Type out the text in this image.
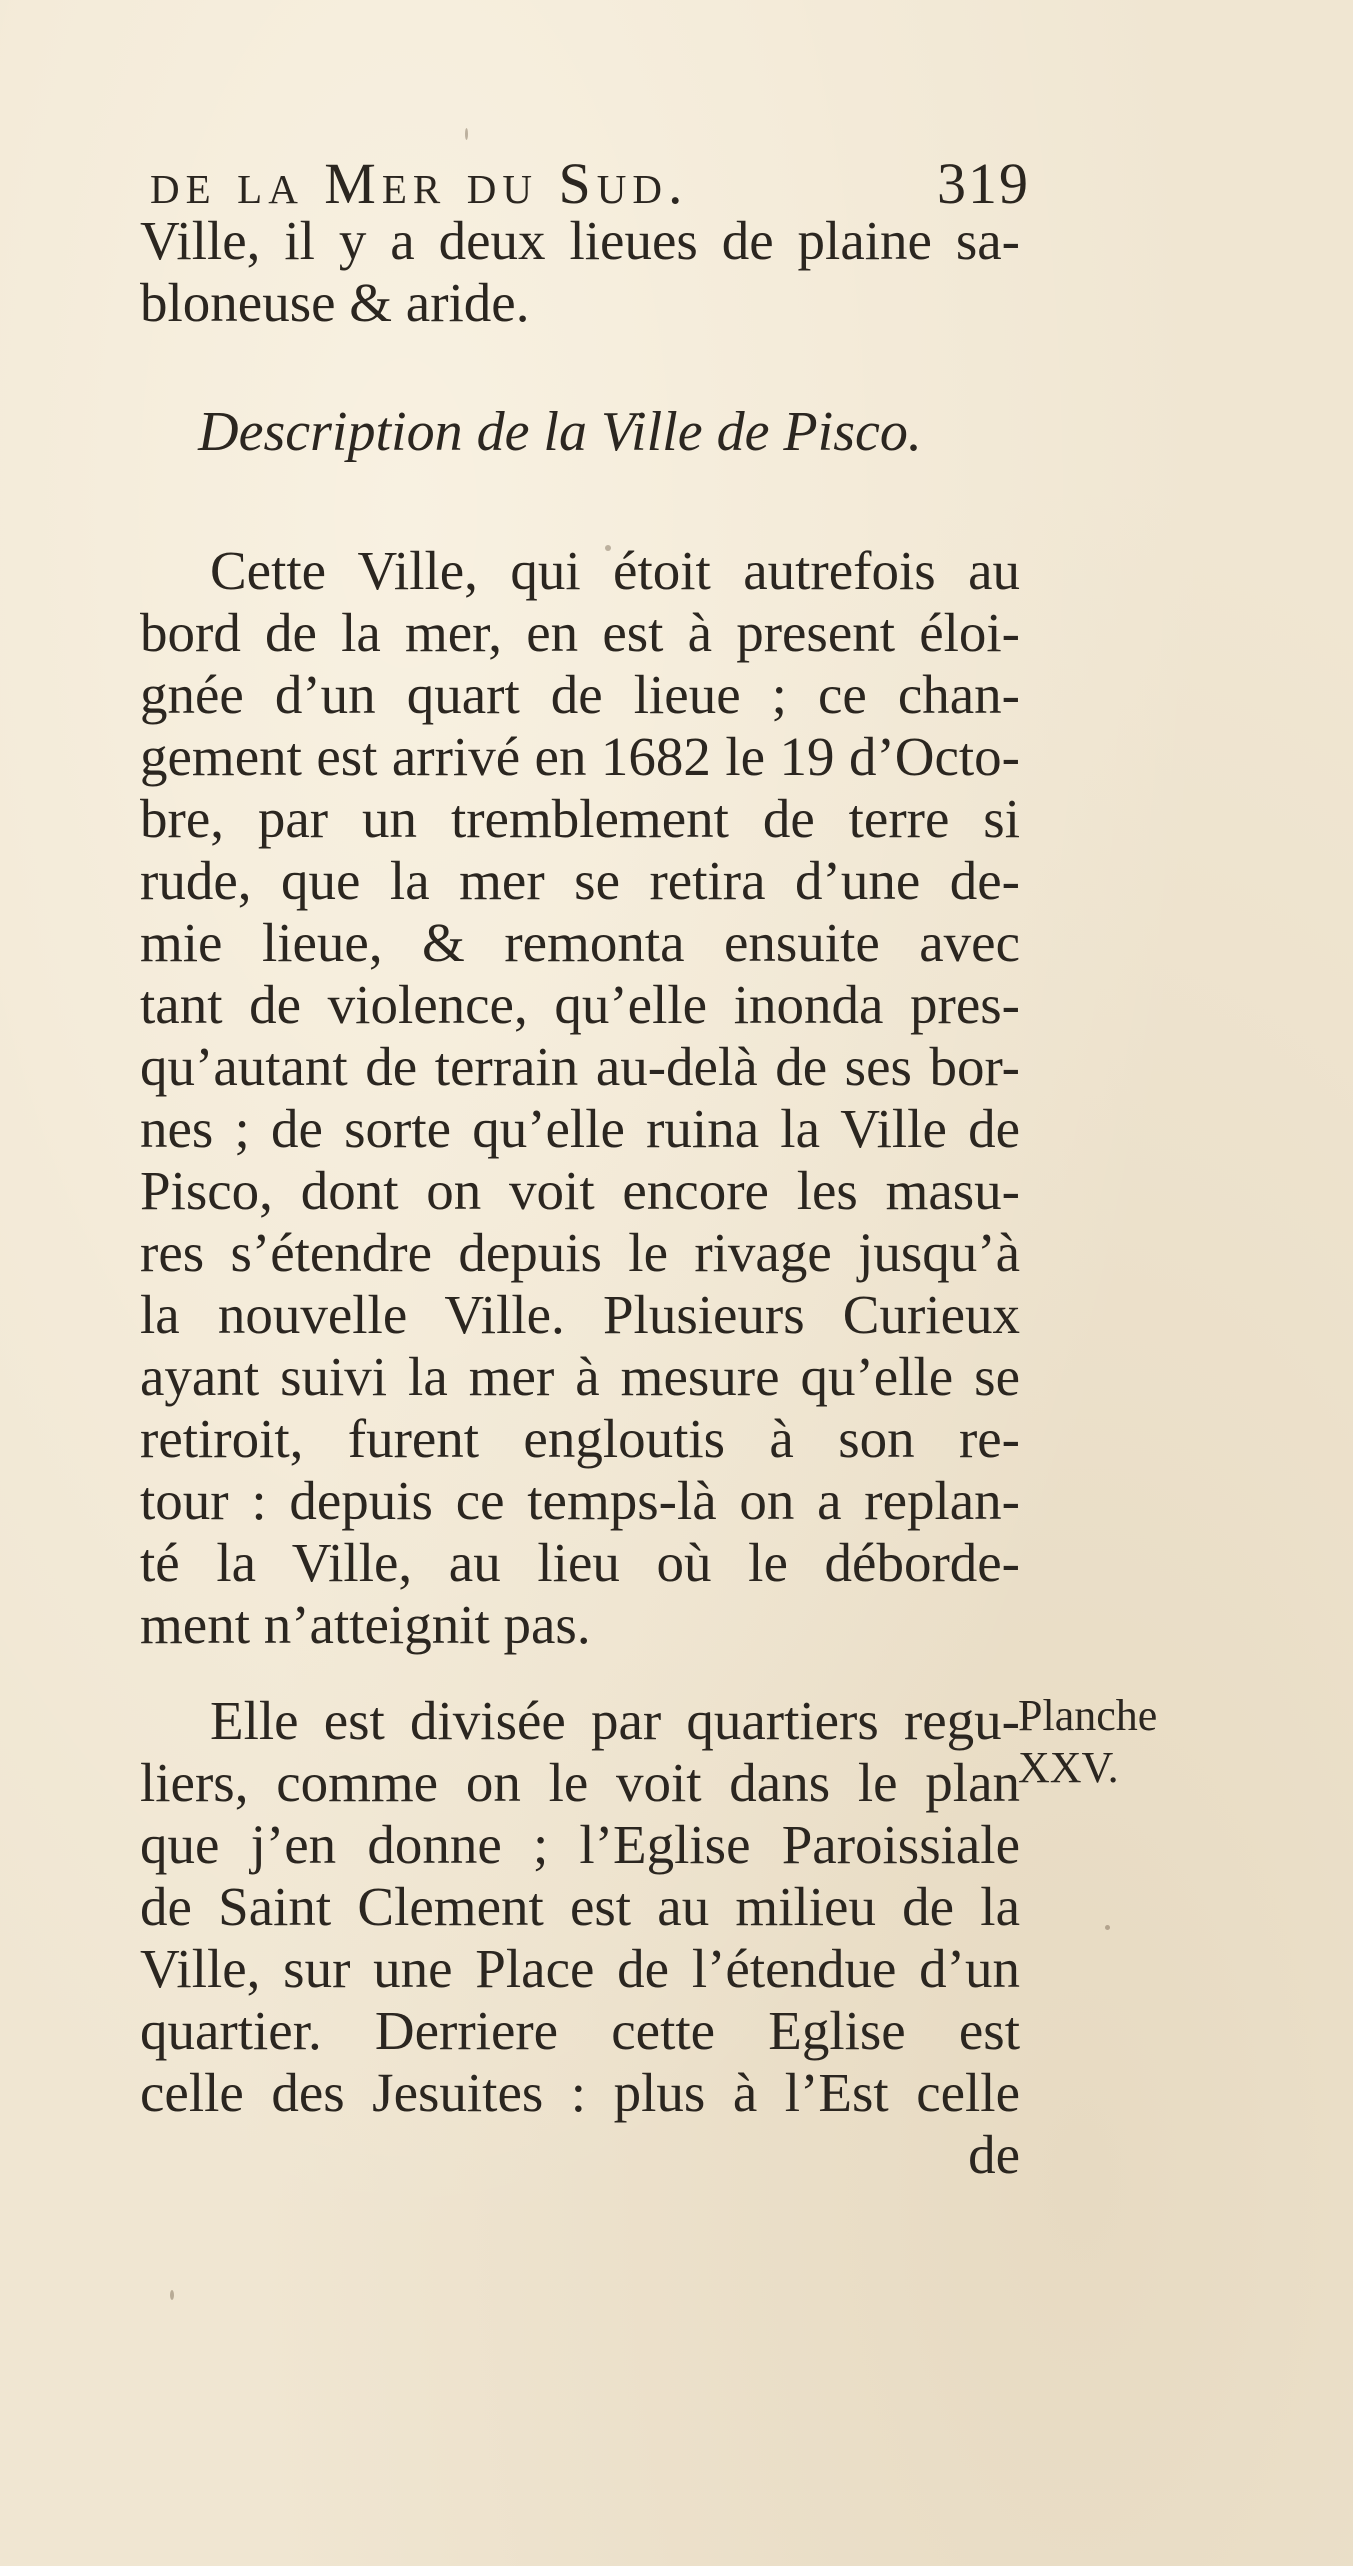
de la Mer du Sud.	319
Ville, il y a deux lieues de plaine sa-
bloneuse & aride.
Description de la Ville de Pisco.
Cette Ville, qui étoit autrefois au
bord de la mer, en est à present éloi-
gnée d’un quart de lieue ; ce chan-
gement est arrivé en 1682 le 19 d’Octo-
bre, par un tremblement de terre si
rude, que la mer se retira d’une de-
mie lieue, & remonta ensuite avec
tant de violence, qu’elle inonda pres-
qu’autant de terrain au-delà de ses bor-
nes ; de sorte qu’elle ruina la Ville de
Pisco, dont on voit encore les masu-
res s’étendre depuis le rivage jusqu’à
la nouvelle Ville. Plusieurs Curieux
ayant suivi la mer à mesure qu’elle se
retiroit, furent engloutis à son re-
tour : depuis ce temps-là on a replan-
té la Ville, au lieu où le déborde-
ment n’atteignit pas.
Elle est divisée par quartiers regu-
liers, comme on le voit dans le plan
que j’en donne ; l’Eglise Paroissiale
de Saint Clement est au milieu de la
Ville, sur une Place de l’étendue d’un
quartier. Derriere cette Eglise est
celle des Jesuites : plus à l’Est celle
de
Planche
XXV.
